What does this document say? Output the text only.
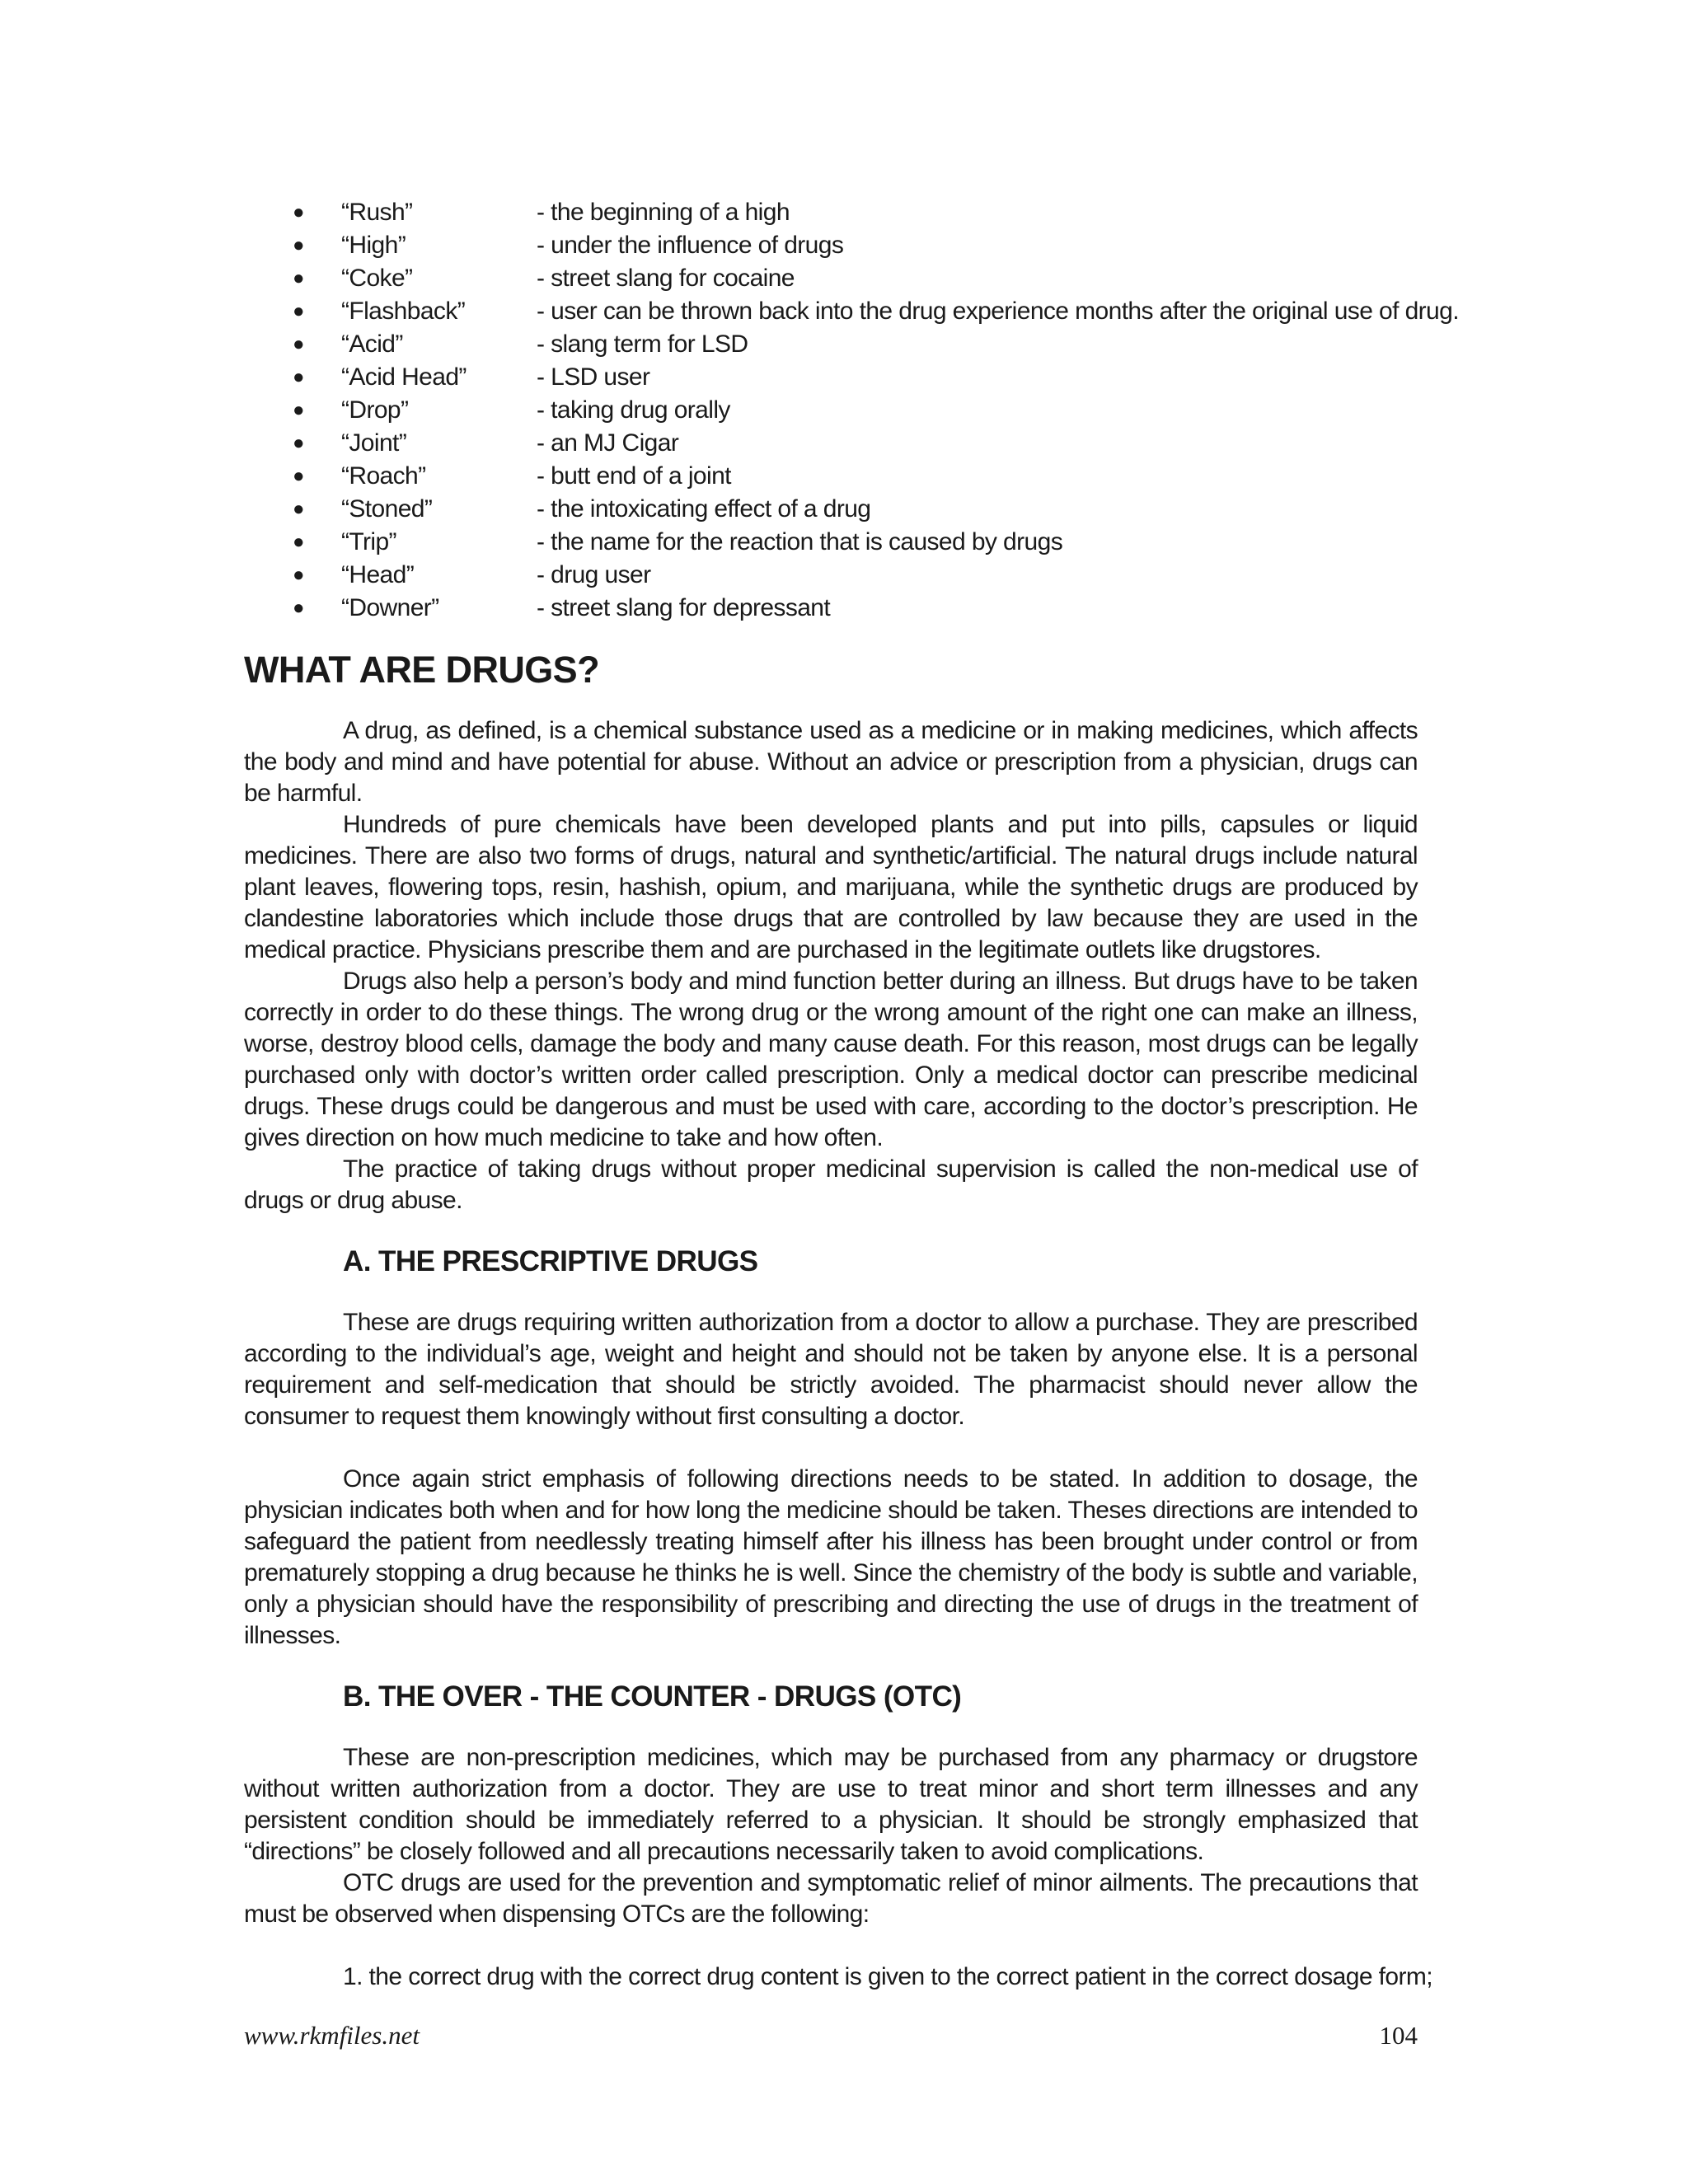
● “Rush”	- the beginning of a high
● “High”	- under the influence of drugs
● “Coke”	- street slang for cocaine
● “Flashback”	- user can be thrown back into the drug experience months after the original use of drug.
● “Acid”	- slang term for LSD
● “Acid Head”	- LSD user
● “Drop”	- taking drug orally
● “Joint”	- an MJ Cigar
● “Roach”	- butt end of a joint
● “Stoned”	- the intoxicating effect of a drug
● “Trip”	- the name for the reaction that is caused by drugs
● “Head”	- drug user
● “Downer”	- street slang for depressant
WHAT ARE DRUGS?

A drug, as defined, is a chemical substance used as a medicine or in making medicines, which affects the body and mind and have potential for abuse. Without an advice or prescription from a physician, drugs can be harmful.

Hundreds of pure chemicals have been developed plants and put into pills, capsules or liquid medicines. There are also two forms of drugs, natural and synthetic/artificial. The natural drugs include natural plant leaves, flowering tops, resin, hashish, opium, and marijuana, while the synthetic drugs are produced by clandestine laboratories which include those drugs that are controlled by law because they are used in the medical practice. Physicians prescribe them and are purchased in the legitimate outlets like drugstores.

Drugs also help a person’s body and mind function better during an illness. But drugs have to be taken correctly in order to do these things. The wrong drug or the wrong amount of the right one can make an illness, worse, destroy blood cells, damage the body and many cause death. For this reason, most drugs can be legally purchased only with doctor’s written order called prescription. Only a medical doctor can prescribe medicinal drugs. These drugs could be dangerous and must be used with care, according to the doctor’s prescription. He gives direction on how much medicine to take and how often.

The practice of taking drugs without proper medicinal supervision is called the non-medical use of drugs or drug abuse.

A. THE PRESCRIPTIVE DRUGS

These are drugs requiring written authorization from a doctor to allow a purchase. They are prescribed according to the individual’s age, weight and height and should not be taken by anyone else. It is a personal requirement and self-medication that should be strictly avoided. The pharmacist should never allow the consumer to request them knowingly without first consulting a doctor.

Once again strict emphasis of following directions needs to be stated. In addition to dosage, the physician indicates both when and for how long the medicine should be taken. Theses directions are intended to safeguard the patient from needlessly treating himself after his illness has been brought under control or from prematurely stopping a drug because he thinks he is well. Since the chemistry of the body is subtle and variable, only a physician should have the responsibility of prescribing and directing the use of drugs in the treatment of illnesses.

B. THE OVER - THE COUNTER - DRUGS (OTC)

These are non-prescription medicines, which may be purchased from any pharmacy or drugstore without written authorization from a doctor. They are use to treat minor and short term illnesses and any persistent condition should be immediately referred to a physician. It should be strongly emphasized that “directions” be closely followed and all precautions necessarily taken to avoid complications.

OTC drugs are used for the prevention and symptomatic relief of minor ailments. The precautions that must be observed when dispensing OTCs are the following:

1. the correct drug with the correct drug content is given to the correct patient in the correct dosage form;

www.rkmfiles.net	104
